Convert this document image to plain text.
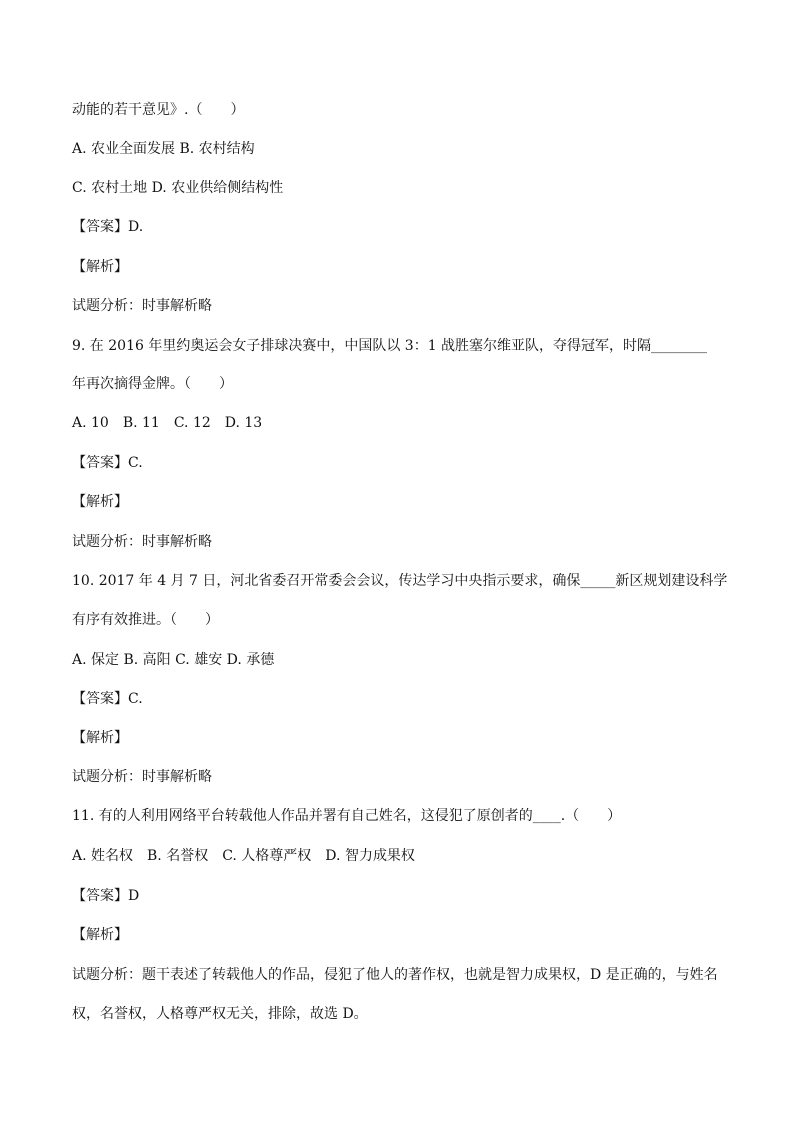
动能的若干意见》.（　　）
A. 农业全面发展 B. 农村结构
C. 农村土地 D. 农业供给侧结构性
【答案】D.
【解析】
试题分析：时事解析略
9. 在 2016 年里约奥运会女子排球决赛中，中国队以 3：1 战胜塞尔维亚队，夺得冠军，时隔________
年再次摘得金牌。（　　）
A. 10　B. 11　C. 12　D. 13
【答案】C.
【解析】
试题分析：时事解析略
10. 2017 年 4 月 7 日，河北省委召开常委会会议，传达学习中央指示要求，确保_____新区规划建设科学
有序有效推进。（　　）
A. 保定 B. 高阳 C. 雄安 D. 承德
【答案】C.
【解析】
试题分析：时事解析略
11. 有的人利用网络平台转载他人作品并署有自己姓名，这侵犯了原创者的____.（　　）
A. 姓名权　B. 名誉权　C. 人格尊严权　D. 智力成果权
【答案】D
【解析】
试题分析：题干表述了转载他人的作品，侵犯了他人的著作权，也就是智力成果权，D 是正确的，与姓名
权，名誉权，人格尊严权无关，排除，故选 D。
